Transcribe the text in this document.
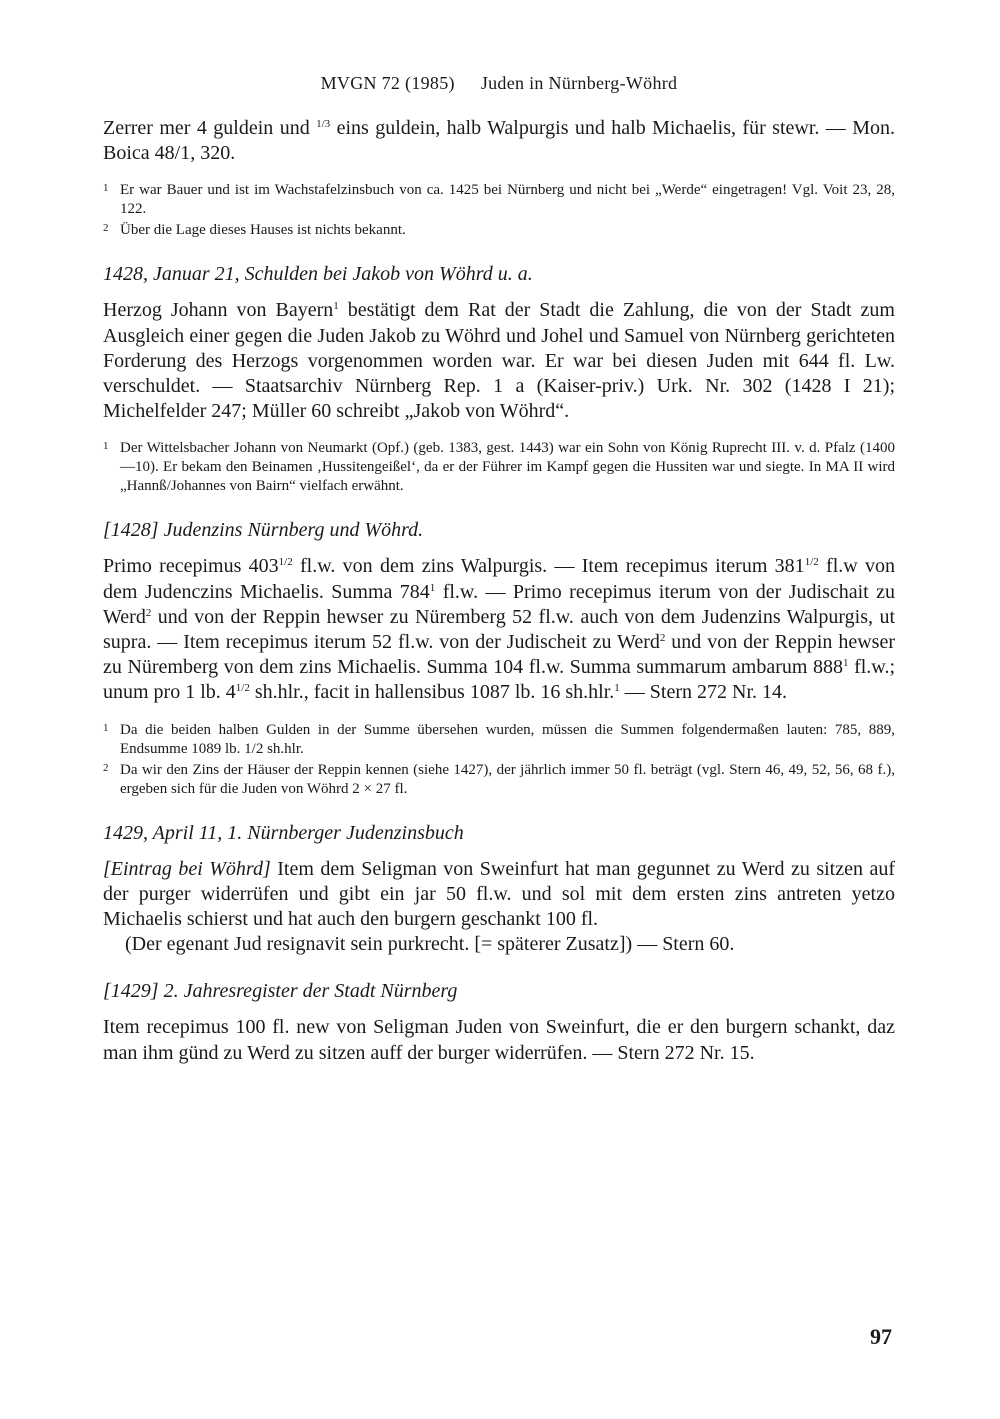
MVGN 72 (1985) Juden in Nürnberg-Wöhrd

Zerrer mer 4 guldein und $^{1/3}$ eins guldein, halb Walpurgis und halb Michaelis, für stewr. — Mon. Boica 48/1, 320.

1 Er war Bauer und ist im Wachstafelzinsbuch von ca. 1425 bei Nürnberg und nicht bei „Werde“ eingetragen! Vgl. Voit 23, 28, 122.

2 Über die Lage dieses Hauses ist nichts bekannt.

1428, Januar 21, Schulden bei Jakob von Wöhrd u. a.

Herzog Johann von Bayern$^1$ bestätigt dem Rat der Stadt die Zahlung, die von der Stadt zum Ausgleich einer gegen die Juden Jakob zu Wöhrd und Johel und Samuel von Nürnberg gerichteten Forderung des Herzogs vorgenommen worden war. Er war bei diesen Juden mit 644 fl. Lw. verschuldet. — Staatsarchiv Nürnberg Rep. 1 a (Kaiser-priv.) Urk. Nr. 302 (1428 I 21); Michelfelder 247; Müller 60 schreibt „Jakob von Wöhrd“.

1 Der Wittelsbacher Johann von Neumarkt (Opf.) (geb. 1383, gest. 1443) war ein Sohn von König Ruprecht III. v. d. Pfalz (1400—10). Er bekam den Beinamen ‚Hussitengeißel‘, da er der Führer im Kampf gegen die Hussiten war und siegte. In MA II wird „Hannß/Johannes von Bairn“ vielfach erwähnt.

[1428] Judenzins Nürnberg und Wöhrd.

Primo recepimus $403^{1/2}$ fl.w. von dem zins Walpurgis. — Item recepimus iterum $381^{1/2}$ fl.w von dem Judenczins Michaelis. Summa $784^1$ fl.w. — Primo recepimus iterum von der Judischait zu Werd$^2$ und von der Reppin hewser zu Nüremberg 52 fl.w. auch von dem Judenzins Walpurgis, ut supra. — Item recepimus iterum 52 fl.w. von der Judischeit zu Werd$^2$ und von der Reppin hewser zu Nüremberg von dem zins Michaelis. Summa 104 fl.w. Summa summarum ambarum $888^1$ fl.w.; unum pro 1 lb. $4^{1/2}$ sh.hlr., facit in hallensibus 1087 lb. 16 sh.hlr.$^1$ — Stern 272 Nr. 14.

1 Da die beiden halben Gulden in der Summe übersehen wurden, müssen die Summen folgendermaßen lauten: 785, 889, Endsumme 1089 lb. 1/2 sh.hlr.

2 Da wir den Zins der Häuser der Reppin kennen (siehe 1427), der jährlich immer 50 fl. beträgt (vgl. Stern 46, 49, 52, 56, 68 f.), ergeben sich für die Juden von Wöhrd 2 × 27 fl.

1429, April 11, 1. Nürnberger Judenzinsbuch

[Eintrag bei Wöhrd] Item dem Seligman von Sweinfurt hat man gegunnet zu Werd zu sitzen auf der purger widerrüfen und gibt ein jar 50 fl.w. und sol mit dem ersten zins antreten yetzo Michaelis schierst und hat auch den burgern geschankt 100 fl.

(Der egenant Jud resignavit sein purkrecht. [= späterer Zusatz]) — Stern 60.

[1429] 2. Jahresregister der Stadt Nürnberg

Item recepimus 100 fl. new von Seligman Juden von Sweinfurt, die er den burgern schankt, daz man ihm günd zu Werd zu sitzen auff der burger widerrüfen. — Stern 272 Nr. 15.

97
